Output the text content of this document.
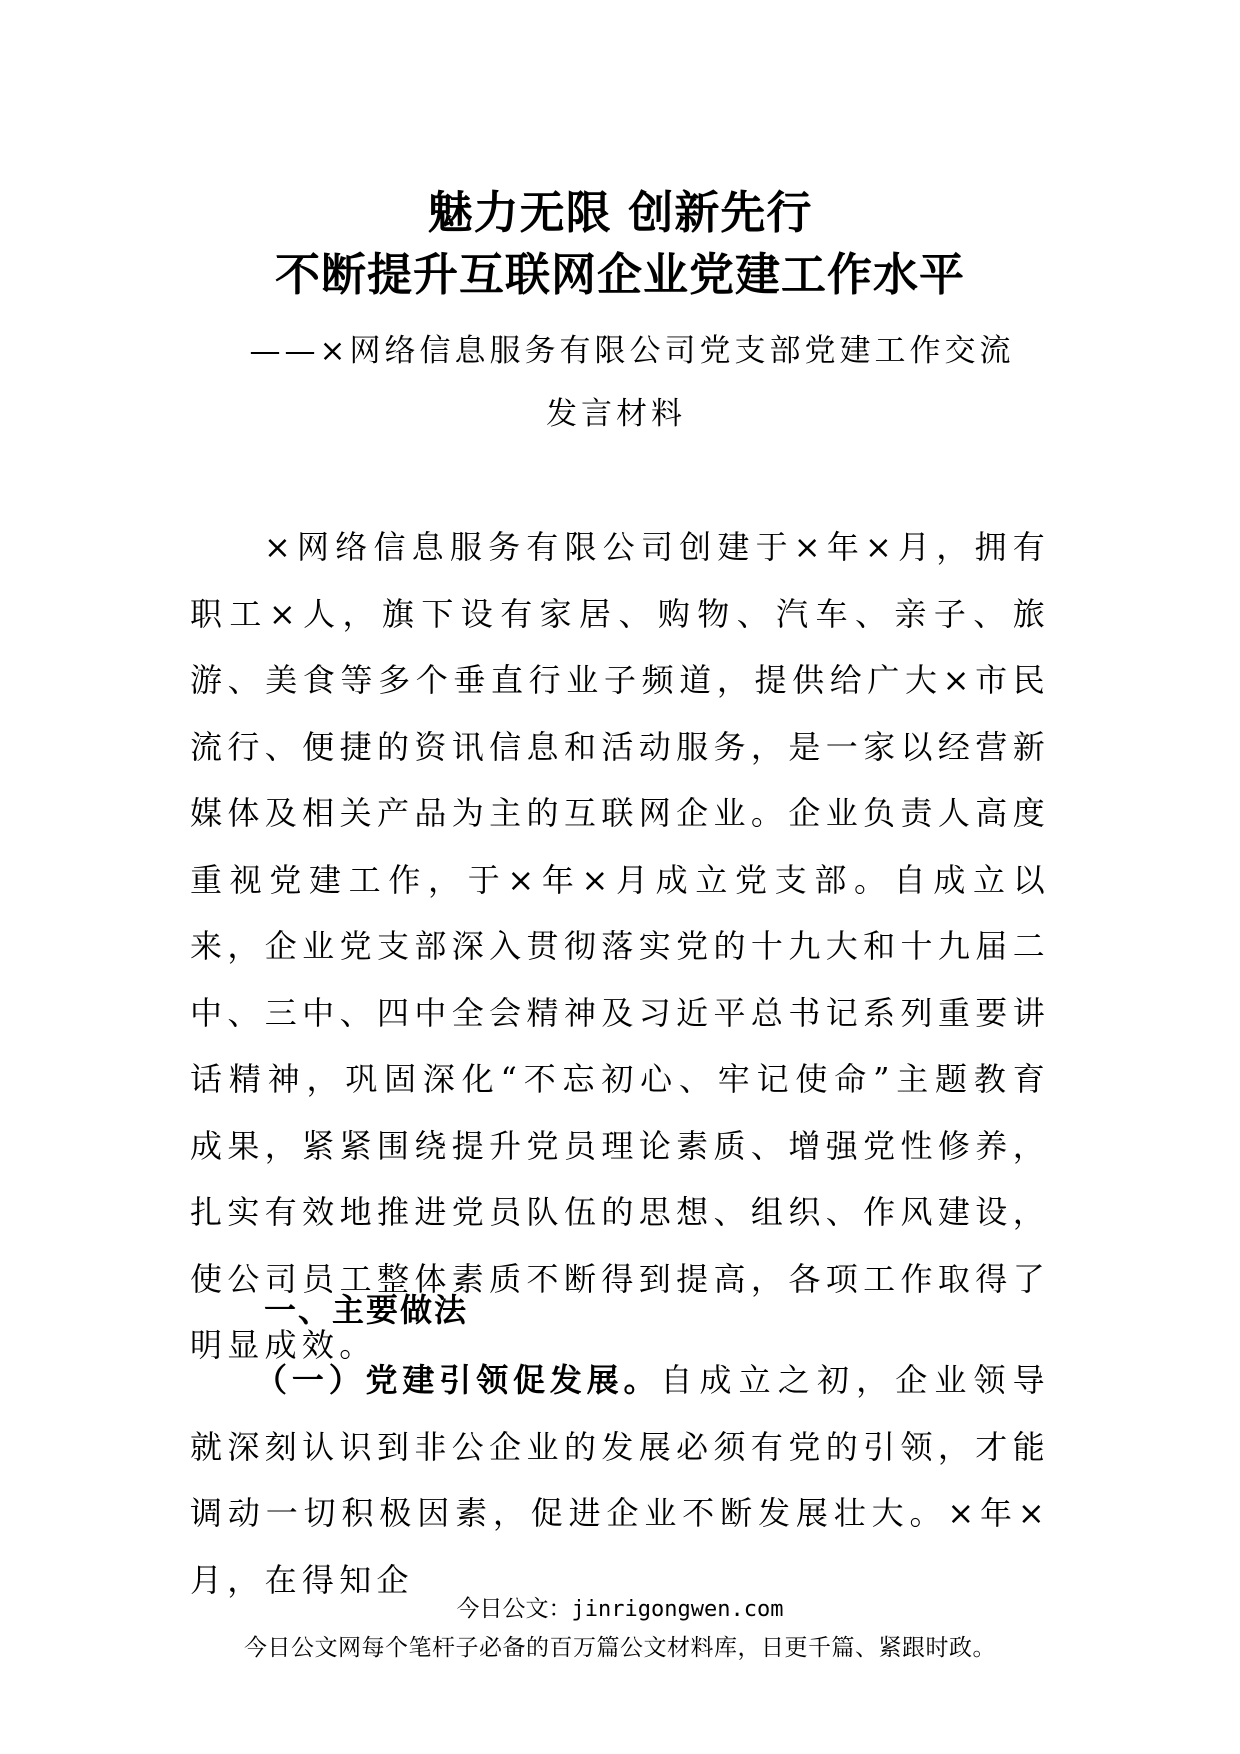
魅力无限 创新先行
不断提升互联网企业党建工作水平
——×网络信息服务有限公司党支部党建工作交流
发言材料
×网络信息服务有限公司创建于×年×月，拥有职工×人，旗下设有家居、购物、汽车、亲子、旅游、美食等多个垂直行业子频道，提供给广大×市民流行、便捷的资讯信息和活动服务，是一家以经营新媒体及相关产品为主的互联网企业。企业负责人高度重视党建工作，于×年×月成立党支部。自成立以来，企业党支部深入贯彻落实党的十九大和十九届二中、三中、四中全会精神及习近平总书记系列重要讲话精神，巩固深化“不忘初心、牢记使命”主题教育成果，紧紧围绕提升党员理论素质、增强党性修养，扎实有效地推进党员队伍的思想、组织、作风建设，使公司员工整体素质不断得到提高，各项工作取得了明显成效。
一、主要做法
（一）党建引领促发展。自成立之初，企业领导就深刻认识到非公企业的发展必须有党的引领，才能调动一切积极因素，促进企业不断发展壮大。×年×月，在得知企
今日公文：jinrigongwen.com
今日公文网每个笔杆子必备的百万篇公文材料库，日更千篇、紧跟时政。
